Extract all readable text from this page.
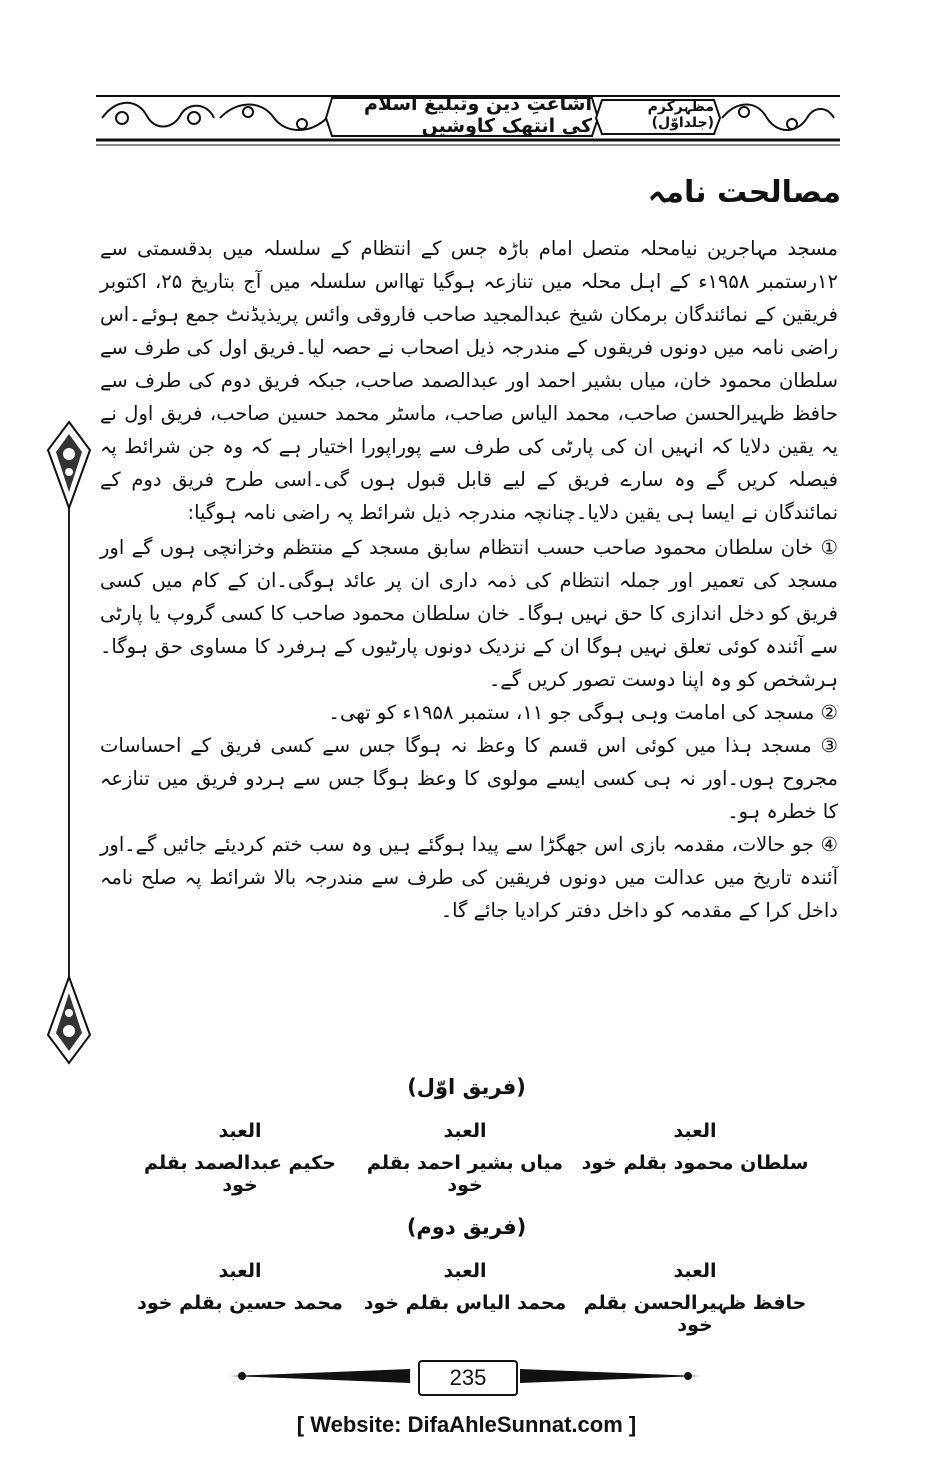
اشاعتِ دین وتبلیغ اسلام کی انتھک کاوشیں
مظہرکرم (جلداوّل)
مصالحت نامہ

مسجد مہاجرین نیامحلہ متصل امام باڑہ جس کے انتظام کے سلسلہ میں بدقسمتی سے ۱۲رستمبر ۱۹۵۸ء کے اہل محلہ میں تنازعہ ہوگیا تھااس سلسلہ میں آج بتاریخ ۲۵، اکتوبر فریقین کے نمائندگان برمکان شیخ عبدالمجید صاحب فاروقی وائس پریذیڈنٹ جمع ہوئے۔اس راضی نامہ میں دونوں فریقوں کے مندرجہ ذیل اصحاب نے حصہ لیا۔فریق اول کی طرف سے سلطان محمود خان، میاں بشیر احمد اور عبدالصمد صاحب، جبکہ فریق دوم کی طرف سے حافظ ظہیرالحسن صاحب، محمد الیاس صاحب، ماسٹر محمد حسین صاحب، فریق اول نے یہ یقین دلایا کہ انہیں ان کی پارٹی کی طرف سے پوراپورا اختیار ہے کہ وہ جن شرائط پہ فیصلہ کریں گے وہ سارے فریق کے لیے قابل قبول ہوں گی۔اسی طرح فریق دوم کے نمائندگان نے ایسا ہی یقین دلایا۔چنانچہ مندرجہ ذیل شرائط پہ راضی نامہ ہوگیا:

① خان سلطان محمود صاحب حسب انتظام سابق مسجد کے منتظم وخزانچی ہوں گے اور مسجد کی تعمیر اور جملہ انتظام کی ذمہ داری ان پر عائد ہوگی۔ان کے کام میں کسی فریق کو دخل اندازی کا حق نہیں ہوگا۔ خان سلطان محمود صاحب کا کسی گروپ یا پارٹی سے آئندہ کوئی تعلق نہیں ہوگا ان کے نزدیک دونوں پارٹیوں کے ہرفرد کا مساوی حق ہوگا۔ہرشخص کو وہ اپنا دوست تصور کریں گے۔

② مسجد کی امامت وہی ہوگی جو ۱۱، ستمبر ۱۹۵۸ء کو تھی۔

③ مسجد ہذا میں کوئی اس قسم کا وعظ نہ ہوگا جس سے کسی فریق کے احساسات مجروح ہوں۔اور نہ ہی کسی ایسے مولوی کا وعظ ہوگا جس سے ہردو فریق میں تنازعہ کا خطرہ ہو۔

④ جو حالات، مقدمہ بازی اس جھگڑا سے پیدا ہوگئے ہیں وہ سب ختم کردیئے جائیں گے۔اور آئندہ تاریخ میں عدالت میں دونوں فریقین کی طرف سے مندرجہ بالا شرائط پہ صلح نامہ داخل کرا کے مقدمہ کو داخل دفتر کرادیا جائے گا۔

(فریق اوّل)
العبد
سلطان محمود بقلم خود
العبد
میاں بشیر احمد بقلم خود
العبد
حکیم عبدالصمد بقلم خود
(فریق دوم)
العبد
حافظ ظہیرالحسن بقلم خود
العبد
محمد الیاس بقلم خود
العبد
محمد حسین بقلم خود
235
[ Website: DifaAhleSunnat.com ]
